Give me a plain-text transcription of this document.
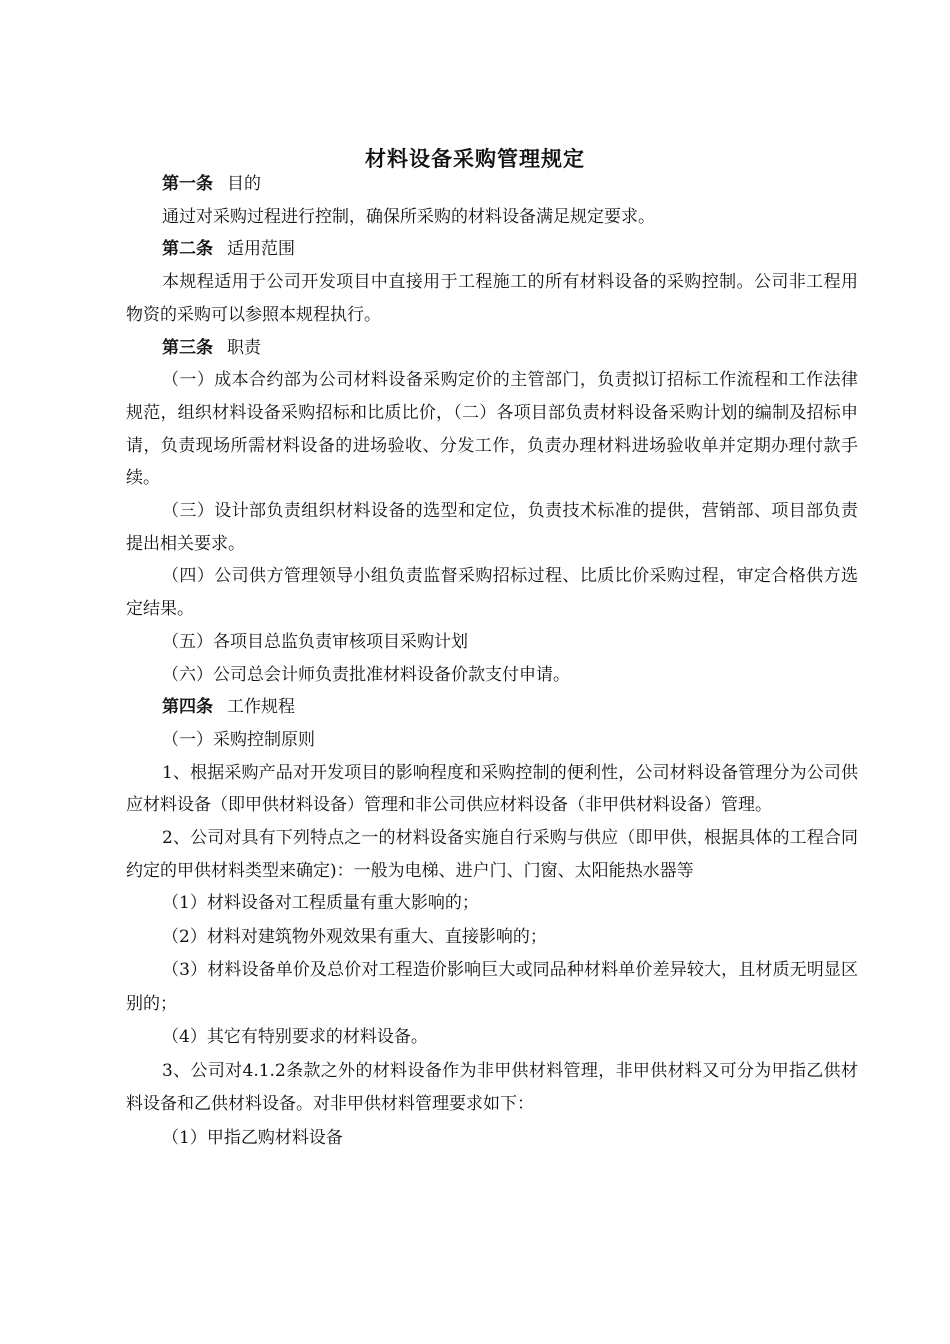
材料设备采购管理规定

第一条 目的

通过对采购过程进行控制，确保所采购的材料设备满足规定要求。

第二条 适用范围

本规程适用于公司开发项目中直接用于工程施工的所有材料设备的采购控制。公司非工程用物资的采购可以参照本规程执行。

第三条 职责

（一）成本合约部为公司材料设备采购定价的主管部门，负责拟订招标工作流程和工作法律规范，组织材料设备采购招标和比质比价，（二）各项目部负责材料设备采购计划的编制及招标申请，负责现场所需材料设备的进场验收、分发工作，负责办理材料进场验收单并定期办理付款手续。

（三）设计部负责组织材料设备的选型和定位，负责技术标准的提供，营销部、项目部负责提出相关要求。

（四）公司供方管理领导小组负责监督采购招标过程、比质比价采购过程，审定合格供方选定结果。

（五）各项目总监负责审核项目采购计划

（六）公司总会计师负责批准材料设备价款支付申请。

第四条 工作规程

（一）采购控制原则

1、根据采购产品对开发项目的影响程度和采购控制的便利性，公司材料设备管理分为公司供应材料设备（即甲供材料设备）管理和非公司供应材料设备（非甲供材料设备）管理。

2、公司对具有下列特点之一的材料设备实施自行采购与供应（即甲供，根据具体的工程合同约定的甲供材料类型来确定)：一般为电梯、进户门、门窗、太阳能热水器等

（1）材料设备对工程质量有重大影响的；

（2）材料对建筑物外观效果有重大、直接影响的；

（3）材料设备单价及总价对工程造价影响巨大或同品种材料单价差异较大，且材质无明显区别的；

（4）其它有特别要求的材料设备。

3、公司对4.1.2条款之外的材料设备作为非甲供材料管理，非甲供材料又可分为甲指乙供材料设备和乙供材料设备。对非甲供材料管理要求如下：

（1）甲指乙购材料设备
